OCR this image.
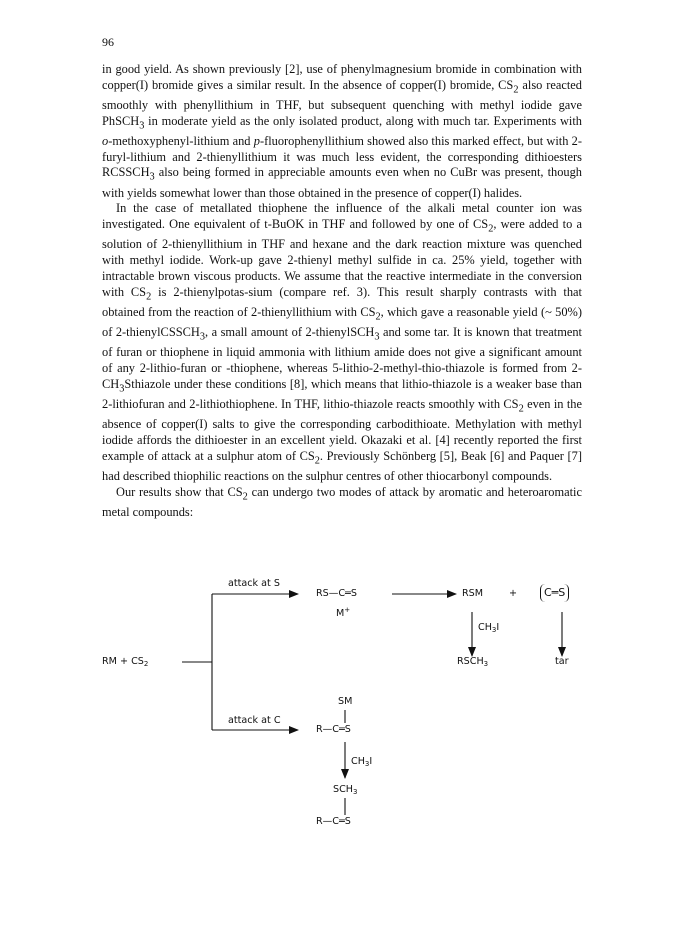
96

in good yield. As shown previously [2], use of phenylmagnesium bromide in combination with copper(I) bromide gives a similar result. In the absence of copper(I) bromide, $CS_2$ also reacted smoothly with phenyllithium in THF, but subsequent quenching with methyl iodide gave PhSCH$_3$ in moderate yield as the only isolated product, along with much tar. Experiments with o-methoxyphenyl-lithium and p-fluorophenyllithium showed also this marked effect, but with 2-furyl-lithium and 2-thienyllithium it was much less evident, the corresponding dithioesters $RCSSCH_3$ also being formed in appreciable amounts even when no CuBr was present, though with yields somewhat lower than those obtained in the presence of copper(I) halides.

In the case of metallated thiophene the influence of the alkali metal counter ion was investigated. One equivalent of t-BuOK in THF and followed by one of $CS_2$, were added to a solution of 2-thienyllithium in THF and hexane and the dark reaction mixture was quenched with methyl iodide. Work-up gave 2-thienyl methyl sulfide in ca. 25% yield, together with intractable brown viscous products. We assume that the reactive intermediate in the conversion with $CS_2$ is 2-thienylpotas-sium (compare ref. 3). This result sharply contrasts with that obtained from the reaction of 2-thienyllithium with $CS_2$, which gave a reasonable yield (~ 50%) of 2-thienylCSSCH$_3$, a small amount of 2-thienylSCH$_3$ and some tar. It is known that treatment of furan or thiophene in liquid ammonia with lithium amide does not give a significant amount of any 2-lithio-furan or -thiophene, whereas 5-lithio-2-methyl-thio-thiazole is formed from $2-CH_3Sthiazole$ under these conditions [8], which means that lithio-thiazole is a weaker base than 2-lithiofuran and 2-lithiothiophene. In THF, lithio-thiazole reacts smoothly with $CS_2$ even in the absence of copper(I) salts to give the corresponding carbodithioate. Methylation with methyl iodide affords the dithioester in an excellent yield. Okazaki et al. [4] recently reported the first example of attack at a sulphur atom of $CS_2$. Previously Schönberg [5], Beak [6] and Paquer [7] had described thiophilic reactions on the sulphur centres of other thiocarbonyl compounds.

Our results show that $CS_2$ can undergo two modes of attack by aromatic and heteroaromatic metal compounds:

RM + $CS_2$
attack at S
attack at C
RS—C═S
M+
RSM	+	C═S
$CH_3I$
$RSCH_3$	tar
SM
R—C═S
$CH_3I$
$SCH_3$
R—C═S
